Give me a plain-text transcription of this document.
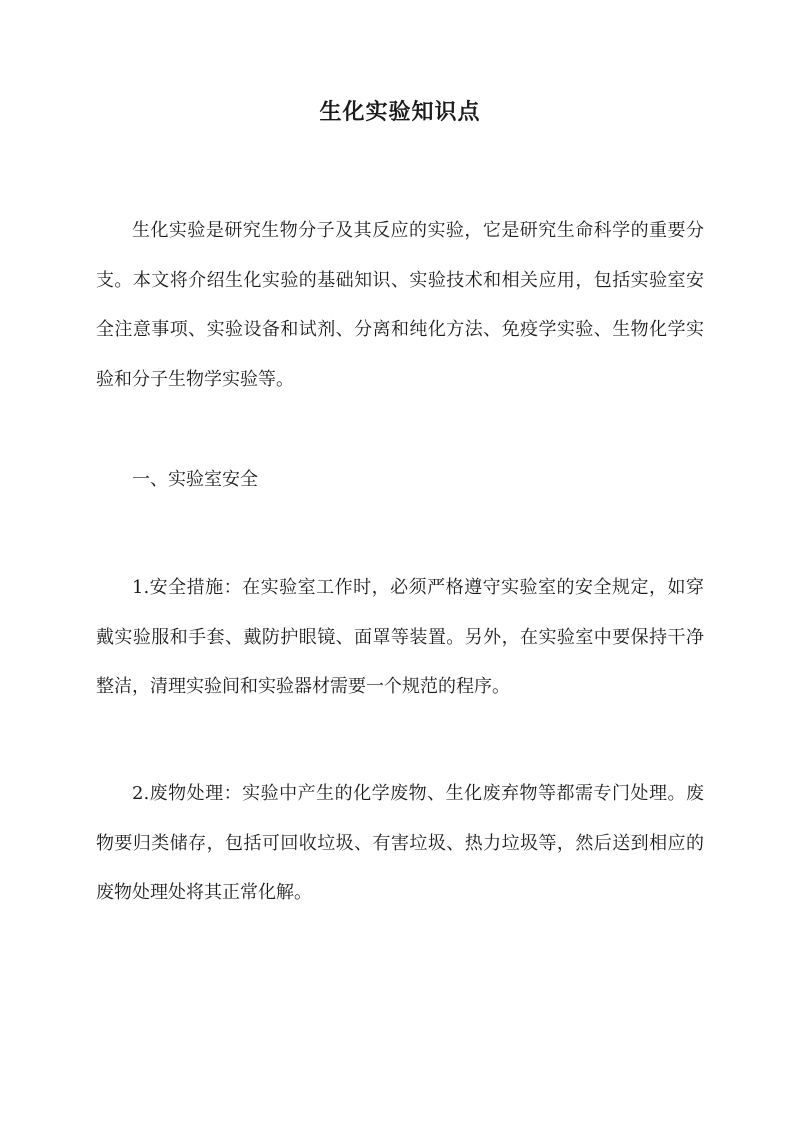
生化实验知识点

生化实验是研究生物分子及其反应的实验，它是研究生命科学的重要分支。本文将介绍生化实验的基础知识、实验技术和相关应用，包括实验室安全注意事项、实验设备和试剂、分离和纯化方法、免疫学实验、生物化学实验和分子生物学实验等。

一、实验室安全

1.安全措施：在实验室工作时，必须严格遵守实验室的安全规定，如穿戴实验服和手套、戴防护眼镜、面罩等装置。另外，在实验室中要保持干净整洁，清理实验间和实验器材需要一个规范的程序。

2.废物处理：实验中产生的化学废物、生化废弃物等都需专门处理。废物要归类储存，包括可回收垃圾、有害垃圾、热力垃圾等，然后送到相应的废物处理处将其正常化解。
